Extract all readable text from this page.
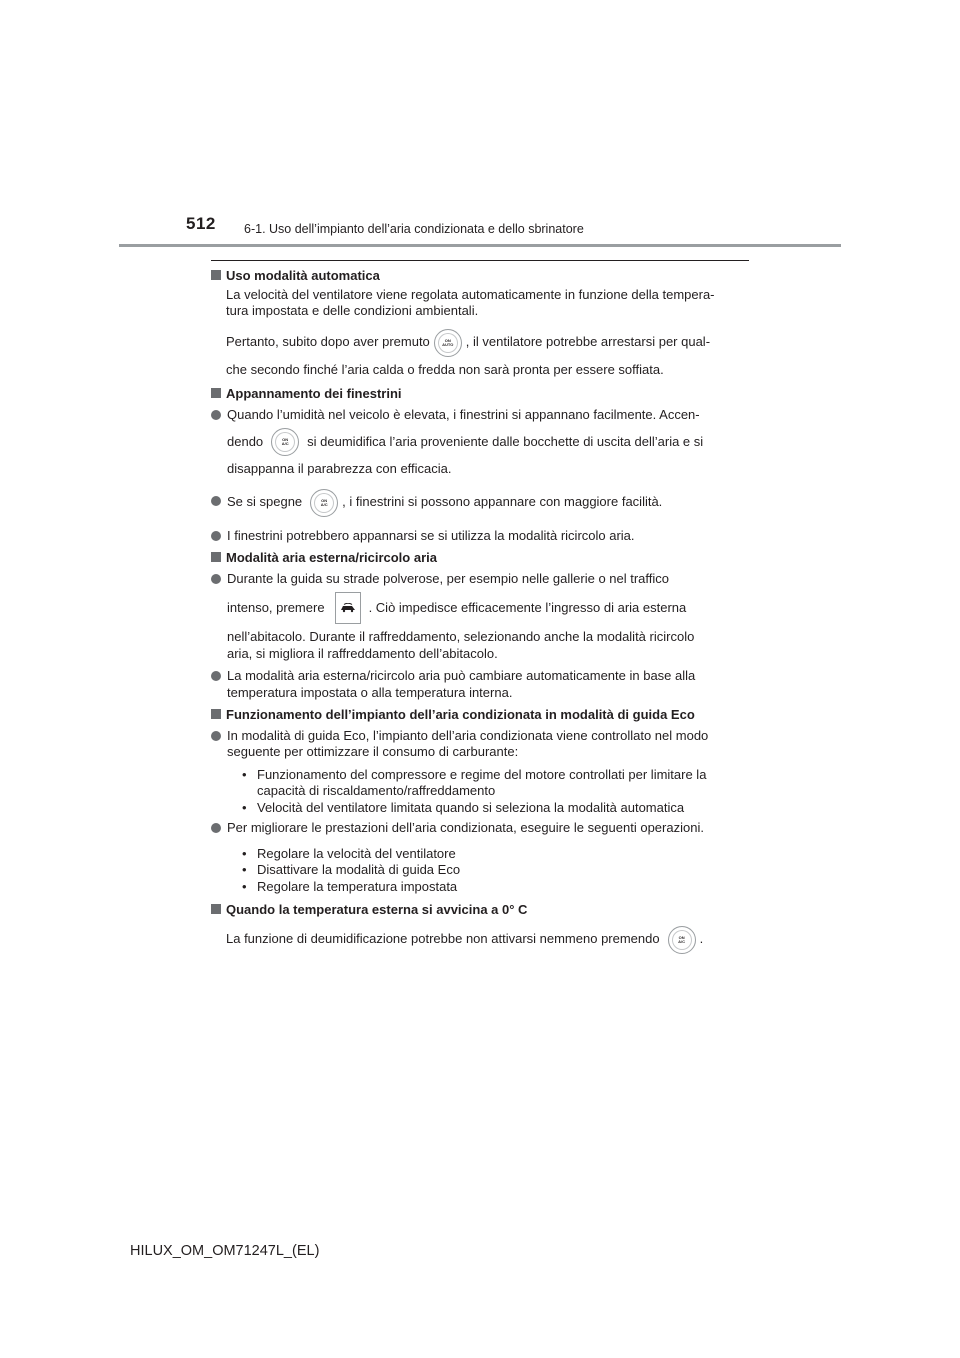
512 6-1. Uso dell’impianto dell’aria condizionata e dello sbrinatore
Uso modalità automatica
La velocità del ventilatore viene regolata automaticamente in funzione della tempera-
tura impostata e delle condizioni ambientali.
Pertanto, subito dopo aver premuto	ON
AUTO , il ventilatore potrebbe arrestarsi per qual-
che secondo finché l’aria calda o fredda non sarà pronta per essere soffiata.
Appannamento dei finestrini
Quando l’umidità nel veicolo è elevata, i finestrini si appannano facilmente. Accen-
dendo	ON
A/C si deumidifica l’aria proveniente dalle bocchette di uscita dell’aria e si
disappanna il parabrezza con efficacia.
Se si spegne	ON
A/C , i finestrini si possono appannare con maggiore facilità.
I finestrini potrebbero appannarsi se si utilizza la modalità ricircolo aria.
Modalità aria esterna/ricircolo aria
Durante la guida su strade polverose, per esempio nelle gallerie o nel traffico
intenso, premere	. Ciò impedisce efficacemente l’ingresso di aria esterna
nell’abitacolo. Durante il raffreddamento, selezionando anche la modalità ricircolo
aria, si migliora il raffreddamento dell’abitacolo.
La modalità aria esterna/ricircolo aria può cambiare automaticamente in base alla
temperatura impostata o alla temperatura interna.
Funzionamento dell’impianto dell’aria condizionata in modalità di guida Eco
In modalità di guida Eco, l’impianto dell’aria condizionata viene controllato nel modo
seguente per ottimizzare il consumo di carburante:
• Funzionamento del compressore e regime del motore controllati per limitare la
capacità di riscaldamento/raffreddamento
• Velocità del ventilatore limitata quando si seleziona la modalità automatica
Per migliorare le prestazioni dell’aria condizionata, eseguire le seguenti operazioni.
• Regolare la velocità del ventilatore
• Disattivare la modalità di guida Eco
• Regolare la temperatura impostata
Quando la temperatura esterna si avvicina a 0° C
La funzione di deumidificazione potrebbe non attivarsi nemmeno premendo	ON
A/C .
HILUX_OM_OM71247L_(EL)
